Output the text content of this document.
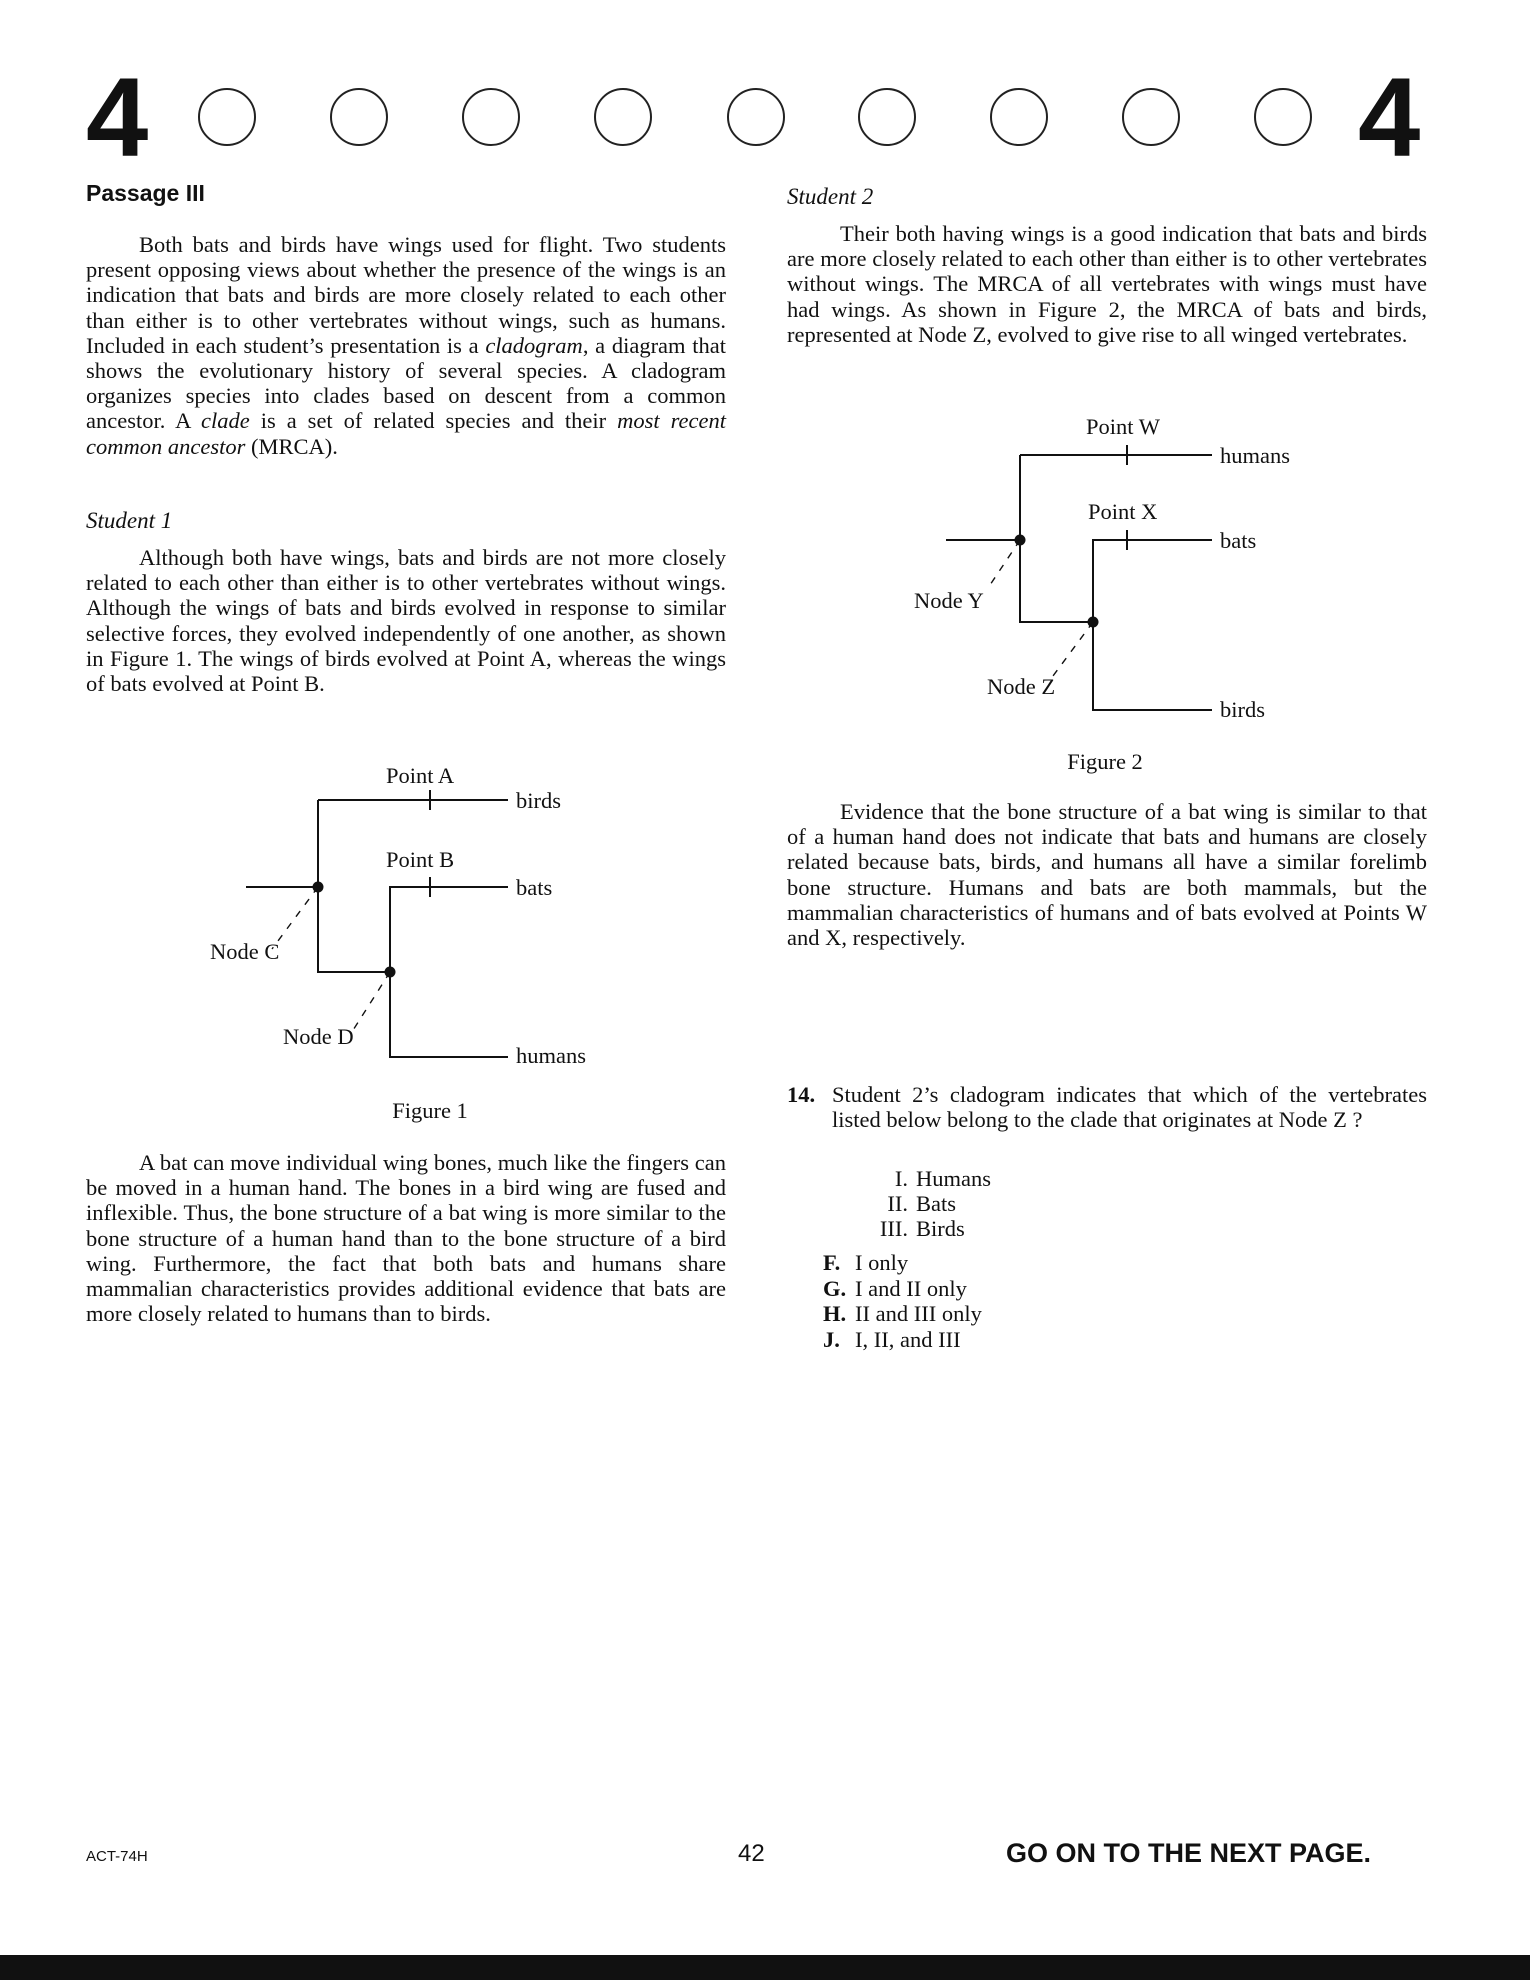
4	4
Passage III

Both bats and birds have wings used for flight. Two students present opposing views about whether the presence of the wings is an indication that bats and birds are more closely related to each other than either is to other vertebrates without wings, such as humans. Included in each student’s presentation is a cladogram, a diagram that shows the evolutionary history of several species. A cladogram organizes species into clades based on descent from a common ancestor. A clade is a set of related species and their most recent common ancestor (MRCA).

Student 1

Although both have wings, bats and birds are not more closely related to each other than either is to other vertebrates without wings. Although the wings of bats and birds evolved in response to similar selective forces, they evolved independently of one another, as shown in Figure 1. The wings of birds evolved at Point A, whereas the wings of bats evolved at Point B.

Point A
Point B
birds
bats
humans
Node C
Node D
Figure 1

A bat can move individual wing bones, much like the fingers can be moved in a human hand. The bones in a bird wing are fused and inflexible. Thus, the bone structure of a bat wing is more similar to the bone structure of a human hand than to the bone structure of a bird wing. Furthermore, the fact that both bats and humans share mammalian characteristics provides additional evidence that bats are more closely related to humans than to birds.

Student 2

Their both having wings is a good indication that bats and birds are more closely related to each other than either is to other vertebrates without wings. The MRCA of all vertebrates with wings must have had wings. As shown in Figure 2, the MRCA of bats and birds, represented at Node Z, evolved to give rise to all winged vertebrates.

Point W
Point X
humans
bats
birds
Node Y
Node Z
Figure 2

Evidence that the bone structure of a bat wing is similar to that of a human hand does not indicate that bats and humans are closely related because bats, birds, and humans all have a similar forelimb bone structure. Humans and bats are both mammals, but the mammalian characteristics of humans and of bats evolved at Points W and X, respectively.

14. Student 2’s cladogram indicates that which of the vertebrates listed below belong to the clade that originates at Node Z ?
I. Humans
II. Bats
III. Birds
F. I only
G. I and II only
H. II and III only
J. I, II, and III
ACT-74H	42	GO ON TO THE NEXT PAGE.
